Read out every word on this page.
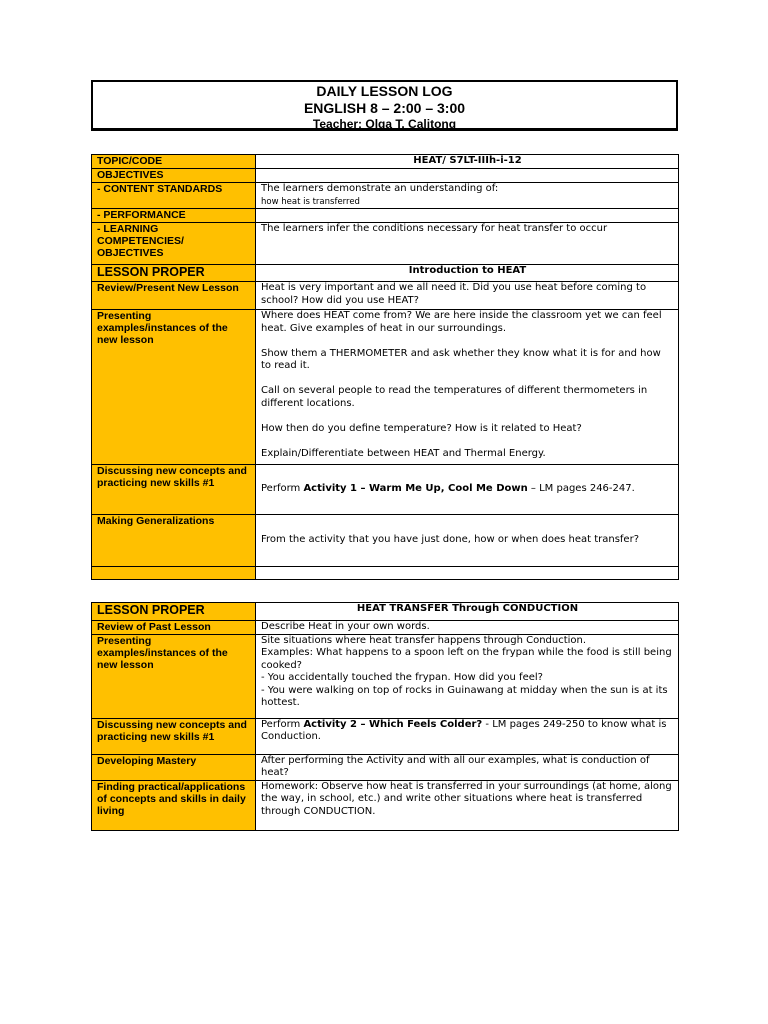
DAILY LESSON LOG
ENGLISH 8 – 2:00 – 3:00
Teacher: Olga T. Calitong
TOPIC/CODE	HEAT/ S7LT-IIIh-i-12
OBJECTIVES	
- CONTENT STANDARDS	The learners demonstrate an understanding of:

how heat is transferred

- PERFORMANCE	

- LEARNING
COMPETENCIES/
OBJECTIVES	The learners infer the conditions necessary for heat transfer to occur
LESSON PROPER	Introduction to HEAT
Review/Present New Lesson	Heat is very important and we all need it. Did you use heat before coming to school? How did you use HEAT?
Presenting examples/instances of the new lesson	Where does HEAT come from? We are here inside the classroom yet we can feel heat. Give examples of heat in our surroundings.

Show them a THERMOMETER and ask whether they know what it is for and how to read it.

Call on several people to read the temperatures of different thermometers in different locations.

How then do you define temperature? How is it related to Heat?

Explain/Differentiate between HEAT and Thermal Energy.

Discussing new concepts and practicing new skills #1	Perform Activity 1 – Warm Me Up, Cool Me Down – LM pages 246-247.
Making Generalizations	From the activity that you have just done, how or when does heat transfer?

LESSON PROPER	HEAT TRANSFER Through CONDUCTION
Review of Past Lesson	Describe Heat in your own words.
Presenting examples/instances of the new lesson	Site situations where heat transfer happens through Conduction.

Examples: What happens to a spoon left on the frypan while the food is still being cooked?

- You accidentally touched the frypan. How did you feel?

- You were walking on top of rocks in Guinawang at midday when the sun is at its hottest.

Discussing new concepts and practicing new skills #1	Perform Activity 2 – Which Feels Colder? - LM pages 249-250 to know what is Conduction.
Developing Mastery	After performing the Activity and with all our examples, what is conduction of heat?
Finding practical/applications of concepts and skills in daily living	Homework: Observe how heat is transferred in your surroundings (at home, along the way, in school, etc.) and write other situations where heat is transferred through CONDUCTION.
